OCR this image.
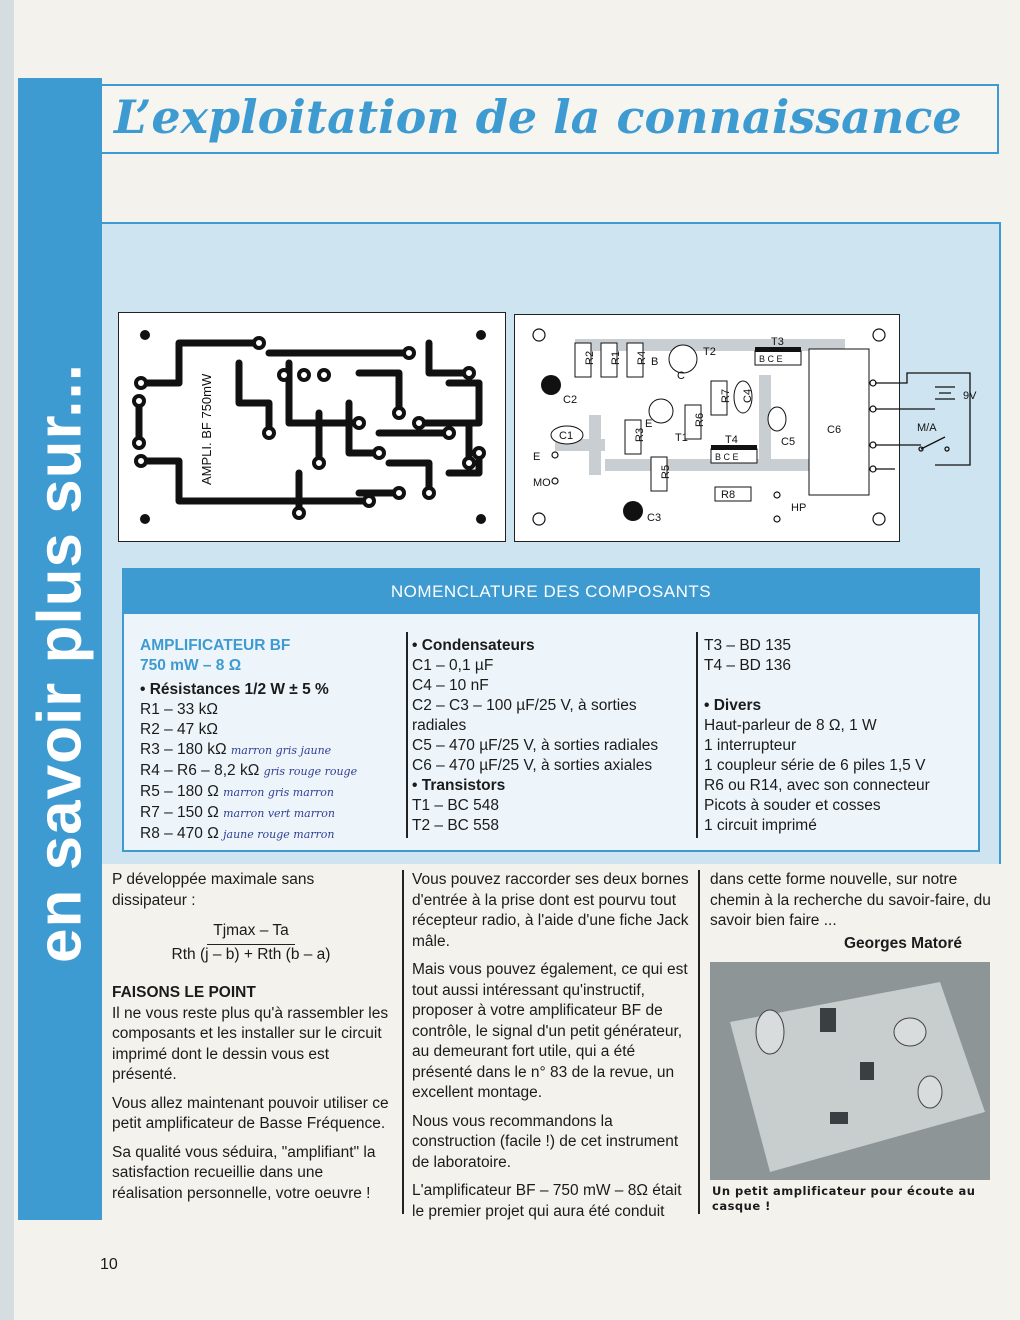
en savoir plus sur...
L’exploitation de la connaissance
AMPLI. BF 750mW
R2 R1 R4
R3
R6
R5
R7 C4
C1
C2
C3
C5
C6
T1
T2
T3
T4
R8
HP
E
MO
9V
M/A
B
C
E
B C E
B C E
NOMENCLATURE DES COMPOSANTS
AMPLIFICATEUR BF
750 mW – 8 Ω
• Résistances 1/2 W ± 5 %
R1 – 33 kΩ
R2 – 47 kΩ
R3 – 180 kΩ marron gris jaune
R4 – R6 – 8,2 kΩ gris rouge rouge
R5 – 180 Ω marron gris marron
R7 – 150 Ω marron vert marron
R8 – 470 Ω jaune rouge marron
• Condensateurs
C1 – 0,1 µF
C4 – 10 nF
C2 – C3 – 100 µF/25 V, à sorties
radiales
C5 – 470 µF/25 V, à sorties radiales
C6 – 470 µF/25 V, à sorties axiales
• Transistors
T1 – BC 548
T2 – BC 558
T3 – BD 135
T4 – BD 136
• Divers
Haut-parleur de 8 Ω, 1 W
1 interrupteur
1 coupleur série de 6 piles 1,5 V
R6 ou R14, avec son connecteur
Picots à souder et cosses
1 circuit imprimé

P développée maximale sans dissipateur :

Tjmax – Ta
Rth (j – b) + Rth (b – a)

FAISONS LE POINT

Il ne vous reste plus qu'à rassembler les composants et les installer sur le circuit imprimé dont le dessin vous est présenté.

Vous allez maintenant pouvoir utiliser ce petit amplificateur de Basse Fréquence.

Sa qualité vous séduira, "amplifiant" la satisfaction recueillie dans une réalisation personnelle, votre oeuvre !

Vous pouvez raccorder ses deux bornes d'entrée à la prise dont est pourvu tout récepteur radio, à l'aide d'une fiche Jack mâle.

Mais vous pouvez également, ce qui est tout aussi intéressant qu'instructif, proposer à votre amplificateur BF de contrôle, le signal d'un petit générateur, au demeurant fort utile, qui a été présenté dans le n° 83 de la revue, un excellent montage.

Nous vous recommandons la construction (facile !) de cet instrument de laboratoire.

L'amplificateur BF – 750 mW – 8Ω était le premier projet qui aura été conduit

dans cette forme nouvelle, sur notre chemin à la recherche du savoir-faire, du savoir bien faire ...

Georges Matoré
Un petit amplificateur pour écoute au casque !
10
